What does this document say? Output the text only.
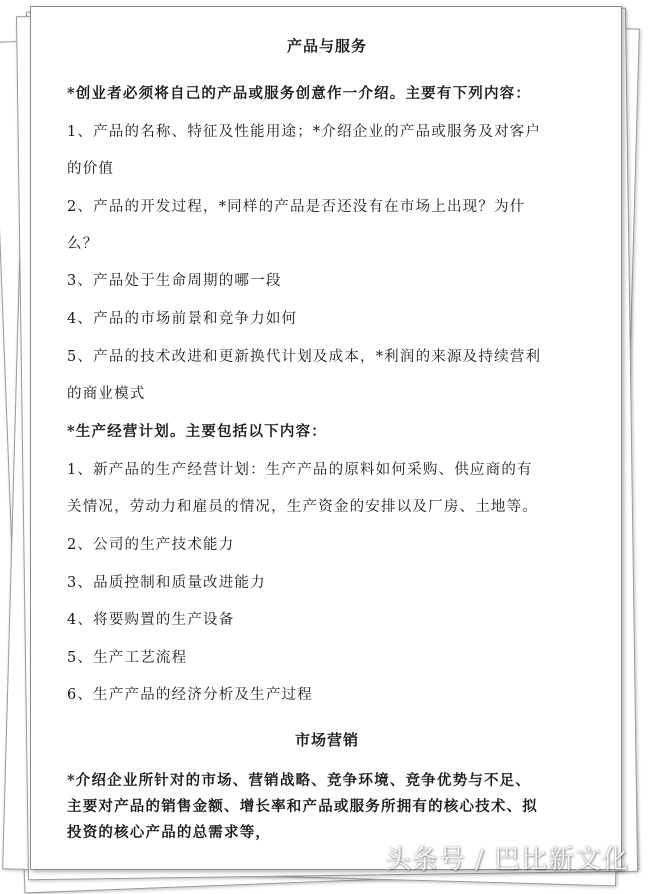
产品与服务
*创业者必须将自己的产品或服务创意作一介绍。主要有下列内容：
1、产品的名称、特征及性能用途；*介绍企业的产品或服务及对客户
的价值
2、产品的开发过程，*同样的产品是否还没有在市场上出现？为什
么？
3、产品处于生命周期的哪一段
4、产品的市场前景和竞争力如何
5、产品的技术改进和更新换代计划及成本，*利润的来源及持续营利
的商业模式
*生产经营计划。主要包括以下内容：
1、新产品的生产经营计划：生产产品的原料如何采购、供应商的有
关情况，劳动力和雇员的情况，生产资金的安排以及厂房、土地等。
2、公司的生产技术能力
3、品质控制和质量改进能力
4、将要购置的生产设备
5、生产工艺流程
6、生产产品的经济分析及生产过程
市场营销
*介绍企业所针对的市场、营销战略、竞争环境、竞争优势与不足、
主要对产品的销售金额、增长率和产品或服务所拥有的核心技术、拟
投资的核心产品的总需求等，
头条号 / 巴比新文化
